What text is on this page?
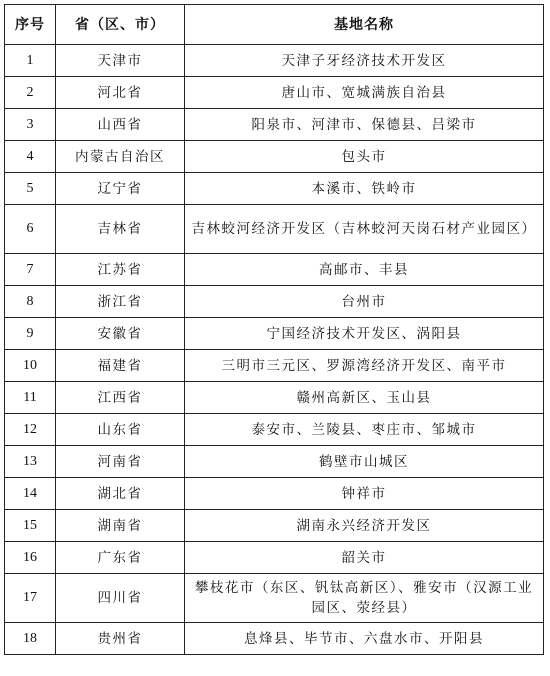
序号	省（区、市）	基地名称
1	天津市	天津子牙经济技术开发区
2	河北省	唐山市、宽城满族自治县
3	山西省	阳泉市、河津市、保德县、吕梁市
4	内蒙古自治区	包头市
5	辽宁省	本溪市、铁岭市
6	吉林省	吉林蛟河经济开发区（吉林蛟河天岗石材产业园区）
7	江苏省	高邮市、丰县
8	浙江省	台州市
9	安徽省	宁国经济技术开发区、涡阳县
10	福建省	三明市三元区、罗源湾经济开发区、南平市
11	江西省	赣州高新区、玉山县
12	山东省	泰安市、兰陵县、枣庄市、邹城市
13	河南省	鹤壁市山城区
14	湖北省	钟祥市
15	湖南省	湖南永兴经济开发区
16	广东省	韶关市
17	四川省	攀枝花市（东区、钒钛高新区）、雅安市（汉源工业园区、荥经县）
18	贵州省	息烽县、毕节市、六盘水市、开阳县
